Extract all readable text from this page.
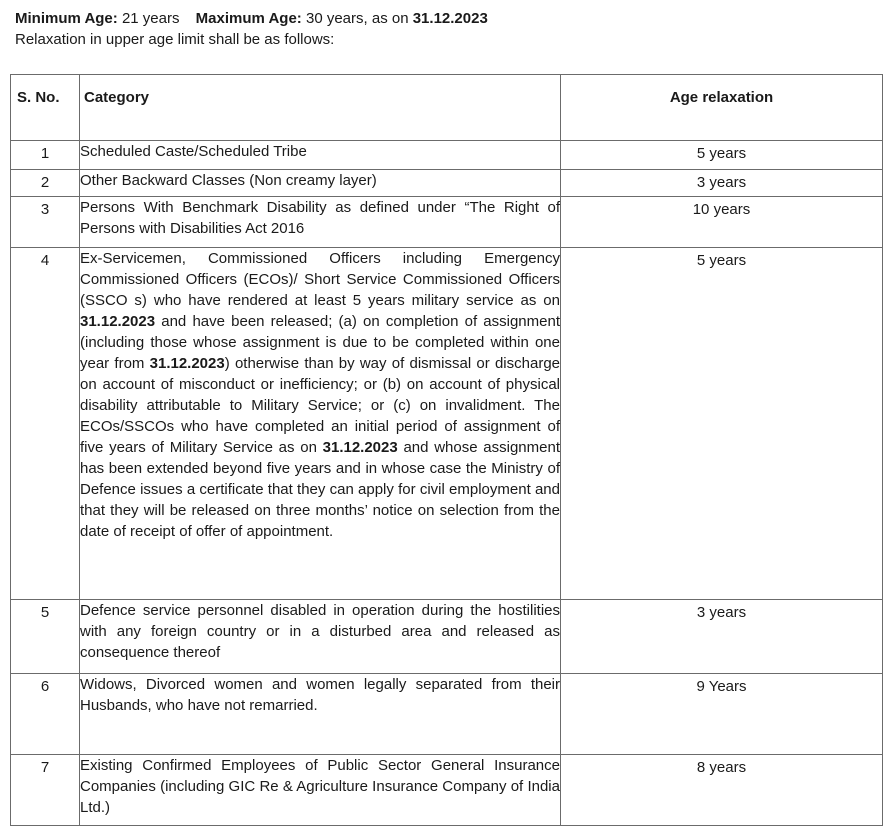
Minimum Age: 21 years Maximum Age: 30 years, as on 31.12.2023
Relaxation in upper age limit shall be as follows:
S. No.	Category	Age relaxation

1	Scheduled Caste/Scheduled Tribe	5 years

2	Other Backward Classes (Non creamy layer)	3 years

3	Persons With Benchmark Disability as defined under “The Right of Persons with Disabilities Act 2016	10 years

4	Ex-Servicemen, Commissioned Officers including Emergency Commissioned Officers (ECOs)/ Short Service Commissioned Officers (SSCO s) who have rendered at least 5 years military service as on 31.12.2023 and have been released; (a) on completion of assignment (including those whose assignment is due to be completed within one year from 31.12.2023) otherwise than by way of dismissal or discharge on account of misconduct or inefficiency; or (b) on account of physical disability attributable to Military Service; or (c) on invalidment. The ECOs/SSCOs who have completed an initial period of assignment of five years of Military Service as on 31.12.2023 and whose assignment has been extended beyond five years and in whose case the Ministry of Defence issues a certificate that they can apply for civil employment and that they will be released on three months’ notice on selection from the date of receipt of offer of appointment.	5 years

5	Defence service personnel disabled in operation during the hostilities with any foreign country or in a disturbed area and released as consequence thereof	3 years

6	Widows, Divorced women and women legally separated from their Husbands, who have not remarried.	9 Years

7	Existing Confirmed Employees of Public Sector General Insurance Companies (including GIC Re & Agriculture Insurance Company of India Ltd.)	8 years
